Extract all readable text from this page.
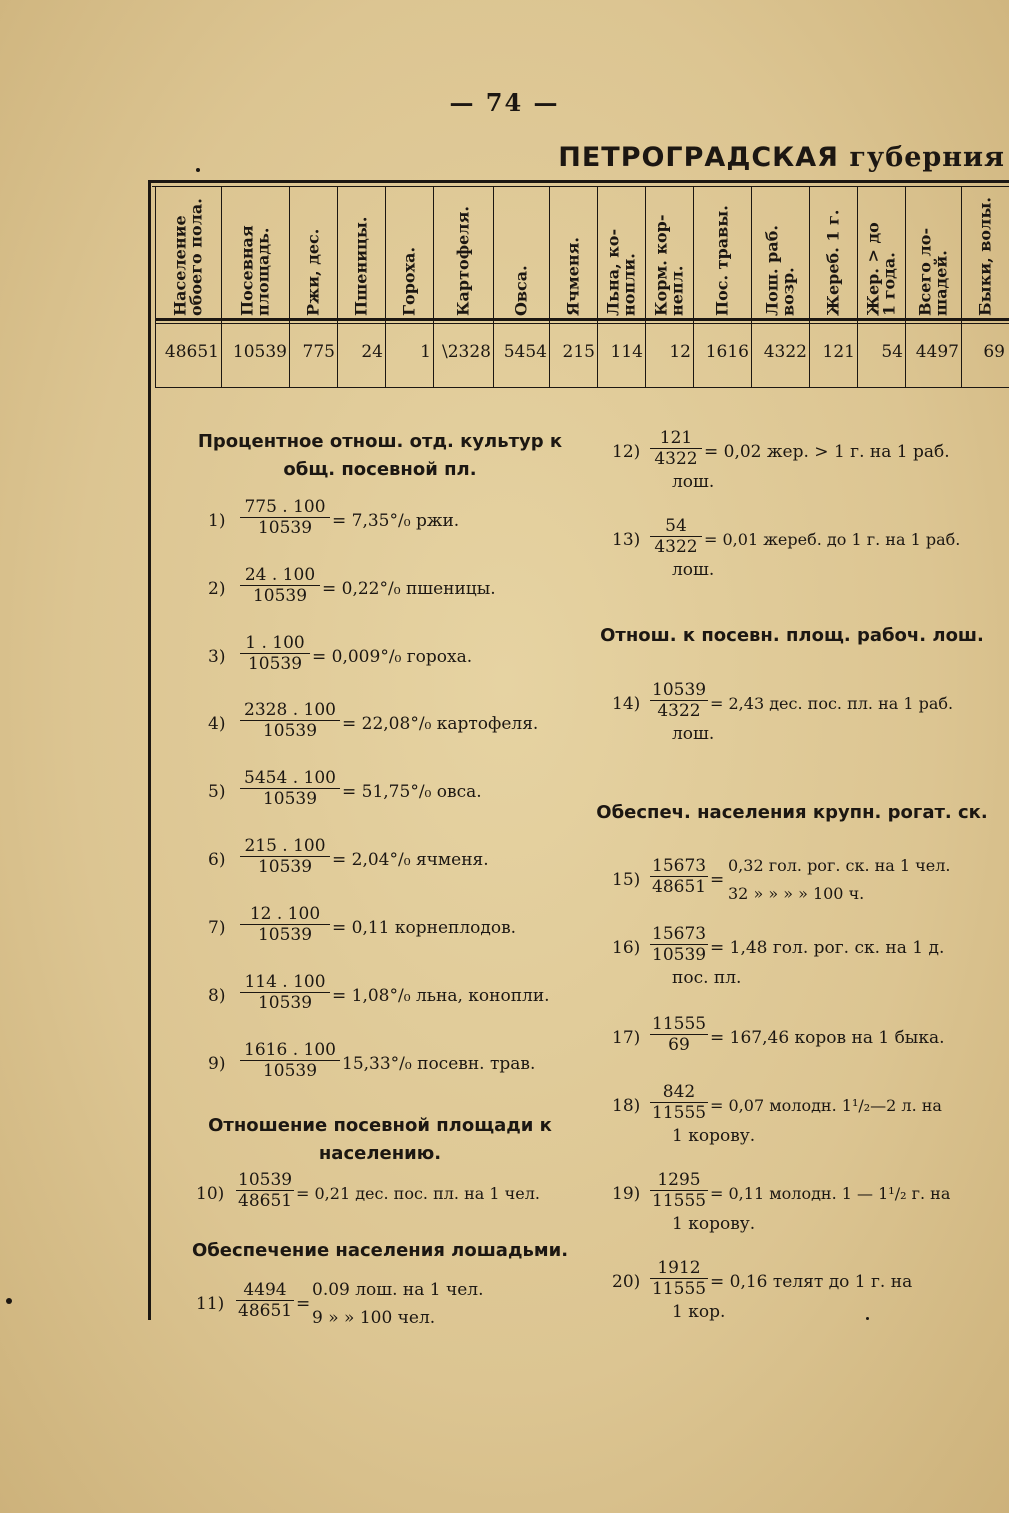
— 74 —
ПЕТРОГРАДСКАЯ губерния
Население
обоего пола.
48651
Посевная
площадь.
10539
Ржи, дес.
775
Пшеницы.
24
Гороха.
1
Картофеля.
\2328
Овса.
5454
Ячменя.
215
Льна, ко-
нопли.
114
Корм. кор-
непл.
12
Пос. травы.
1616
Лош. раб.
возр.
4322
Жереб. 1 г.
121
Жер. > до
1 года.
54
Всего ло-
шадей.
4497
Быки, волы.
69
Процентное отнош. отд. культур к общ. посевной пл.
$1) \frac{775 . 100}{10539} = 7,35^\circ/_0$ ржи.
$2) \frac{24 . 100}{10539} = 0,22^\circ/_0$ пшеницы.
$3) \frac{1 . 100}{10539} = 0,009^\circ/_0$ гороха.
$4) \frac{2328 . 100}{10539} = 22,08^\circ/_0$ картофеля.
$5) \frac{5454 . 100}{10539} = 51,75^\circ/_0$ овса.
$6) \frac{215 . 100}{10539} = 2,04^\circ/_0$ ячменя.
$7) \frac{12 . 100}{10539} = 0,11$ корнеплодов.
$8) \frac{114 . 100}{10539} = 1,08^\circ/_0$ льна, конопли.
$9) \frac{1616 . 100}{10539} 15,33^\circ/_0$ посевн. трав.
Отношение посевной площади к населению.
$10) \frac{10539}{48651} = 0,21$ дес. пос. пл. на 1 чел.
Обеспечение населения лошадьми.
$11) \frac{4494}{48651}$ =
0.09 лош. на 1 чел.
9 » » 100 чел.
$12) \frac{121}{4322} = 0,02$ жер. > 1 г. на 1 раб.
лош.
$13) \frac{54}{4322} = 0,01$ жереб. до 1 г. на 1 раб.
лош.
Отнош. к посевн. площ. рабоч. лош.
$14) \frac{10539}{4322} = 2,43$ дес. пос. пл. на 1 раб.
лош.
Обеспеч. населения крупн. рогат. ск.
$15) \frac{15673}{48651}$ =
0,32 гол. рог. ск. на 1 чел.
32 » » » » 100 ч.
$16) \frac{15673}{10539} = 1,48$ гол. рог. ск. на 1 д.
пос. пл.
$17) \frac{11555}{69} = 167,46$ коров на 1 быка.
$18) \frac{842}{11555} = 0,07$ молодн. 1¹/₂—2 л. на
1 корову.
$19) \frac{1295}{11555} = 0,11$ молодн. 1 — 1¹/₂ г. на
1 корову.
$20) \frac{1912}{11555} = 0,16$ телят до 1 г. на
1 кор.
